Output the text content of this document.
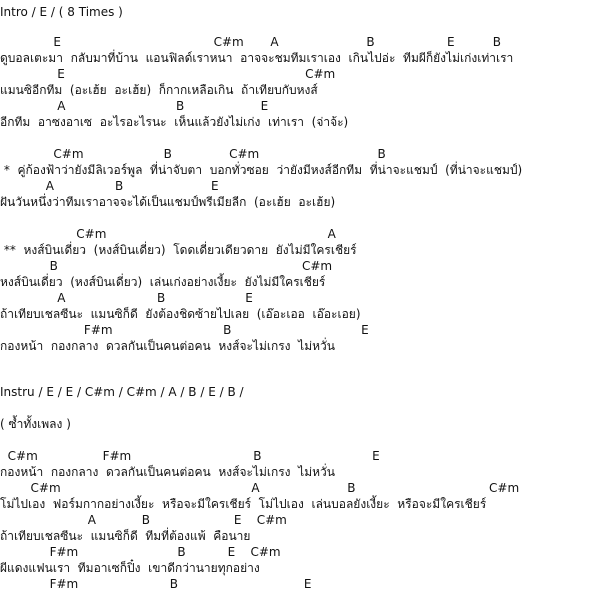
Intro / E / ( 8 Times )
E                                        C#m       A                       B                   E          B
ดูบอลเตะมา  กลับมาที่บ้าน  แอนฟิลด์เราหนา  อาจจะชมทีมเราเอง  เกินไปอ่ะ  ทีมผีก็ยังไม่เก่งเท่าเรา
E                                                               C#m
แมนซิอีกทีม  (อะเฮ้ย  อะเฮ้ย)  ก็กากเหลือเกิน  ถ้าเทียบกับหงส์
A                             B                    E
อีกทีม  อาซงอาเซ  อะไรอะไรนะ  เห็นแล้วยังไม่เก่ง  เท่าเรา  (จ่าจ้ะ)
C#m                     B               C#m                               B
*  คู่ก้องฟ้าว่ายังมีลิเวอร์พูล  ที่น่าจับตา  บอกทั่วซอย  ว่ายังมีหงส์อีกทีม  ที่น่าจะแชมป์  (ที่น่าจะแชมป์)
A                B                       E
ฝันวันหนึ่งว่าทีมเราอาจจะได้เป็นแชมป์พรีเมียลีก  (อะเฮ้ย  อะเฮ้ย)
C#m                                                          A
**  หงส์บินเดี่ยว  (หงส์บินเดี่ยว)  โดดเดี่ยวเดียวดาย  ยังไม่มีใครเชียร์
B                                                                C#m
หงส์บินเดี่ยว  (หงส์บินเดี่ยว)  เล่นเก่งอย่างเงี้ยะ  ยังไม่มีใครเชียร์
A                        B                     E
ถ้าเทียบเชลซีนะ  แมนซิก็ดี  ยังต้องชิดซ้ายไปเลย  (เอ๊อะเออ  เอ๊อะเอย)
F#m                             B                                  E
กองหน้า  กองกลาง  ดวลกันเป็นคนต่อคน  หงส์จะไม่เกรง  ไม่หวั่น
Instru / E / E / C#m / C#m / A / B / E / B /
( ซ้ำทั้งเพลง )
C#m                 F#m                                B                             E
กองหน้า  กองกลาง  ดวลกันเป็นคนต่อคน  หงส์จะไม่เกรง  ไม่หวั่น
C#m                                                  A                       B                                   C#m
โม่ไปเอง  ฟอร์มกากอย่างเงี้ยะ  หรือจะมีใครเชียร์  โม่ไปเอง  เล่นบอลยังเงี้ยะ  หรือจะมีใครเชียร์
A            B                      E    C#m
ถ้าเทียบเชลซีนะ  แมนซิก็ดี  ทีมที่ต้องแพ้  คือนาย
F#m                          B           E    C#m
ผีแดงแฟนเรา  ทีมอาเซก็ปิ๋ง  เขาดีกว่านายทุกอย่าง
F#m                        B                                 E
